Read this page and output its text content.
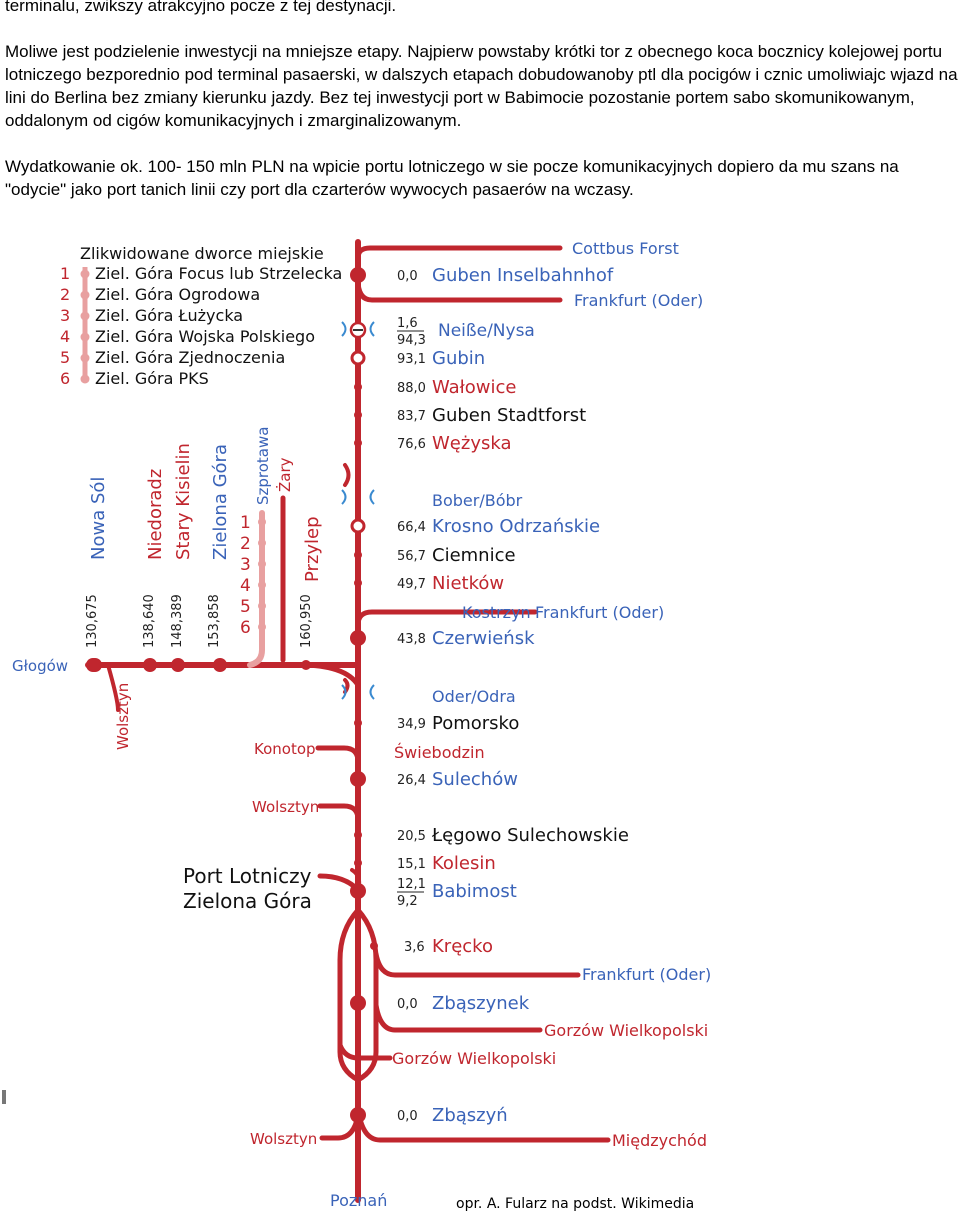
terminalu, zwikszy atrakcyjno pocze z tej destynacji.

Moliwe jest podzielenie inwestycji na mniejsze etapy. Najpierw powstaby krótki tor z obecnego koca bocznicy kolejowej portu lotniczego bezporednio pod terminal pasaerski, w dalszych etapach dobudowanoby ptl dla pocigów i cznic umoliwiajc wjazd na lini do Berlina bez zmiany kierunku jazdy. Bez tej inwestycji port w Babimocie pozostanie portem sabo skomunikowanym, oddalonym od cigów komunikacyjnych i zmarginalizowanym.

Wydatkowanie ok. 100- 150 mln PLN na wpicie portu lotniczego w sie pocze komunikacyjnych dopiero da mu szans na "odycie" jako port tanich linii czy port dla czarterów wywocych pasaerów na wczasy.

Zlikwidowane dworce miejskie
1 Ziel. Góra Focus lub Strzelecka
2 Ziel. Góra Ogrodowa
3 Ziel. Góra Łużycka
4 Ziel. Góra Wojska Polskiego
5 Ziel. Góra Zjednoczenia
6 Ziel. Góra PKS
Cottbus Forst
Guben Inselbahnhof
0,0
Frankfurt (Oder)
Neiße/Nysa
1,6
94,3
Gubin
93,1
Wałowice
88,0
Guben Stadtforst
83,7
Wężyska
76,6
Bober/Bóbr
Krosno Odrzańskie
66,4
Ciemnice
56,7
Nietków
49,7
Kostrzyn Frankfurt (Oder)
Czerwieńsk
43,8
Oder/Odra
Pomorsko
34,9
Świebodzin
Sulechów
26,4
Wolsztyn
Łęgowo Sulechowskie
20,5
Kolesin
15,1
Babimost
12,1
9,2
Kręcko
3,6
Frankfurt (Oder)
Zbąszynek
0,0
Gorzów Wielkopolski
Gorzów Wielkopolski
Zbąszyń
0,0
Wolsztyn	Międzychód
Poznań
Głogów
Wolsztyn	Konotop
130,675
Nowa Sól
138,640
Niedoradz
148,389
Stary Kisielin
153,858
Zielona Góra
160,950
Przylep
Szprotawa Żary
1
2
3
4
5
6
Port Lotniczy
Zielona Góra
opr. A. Fularz na podst. Wikimedia
